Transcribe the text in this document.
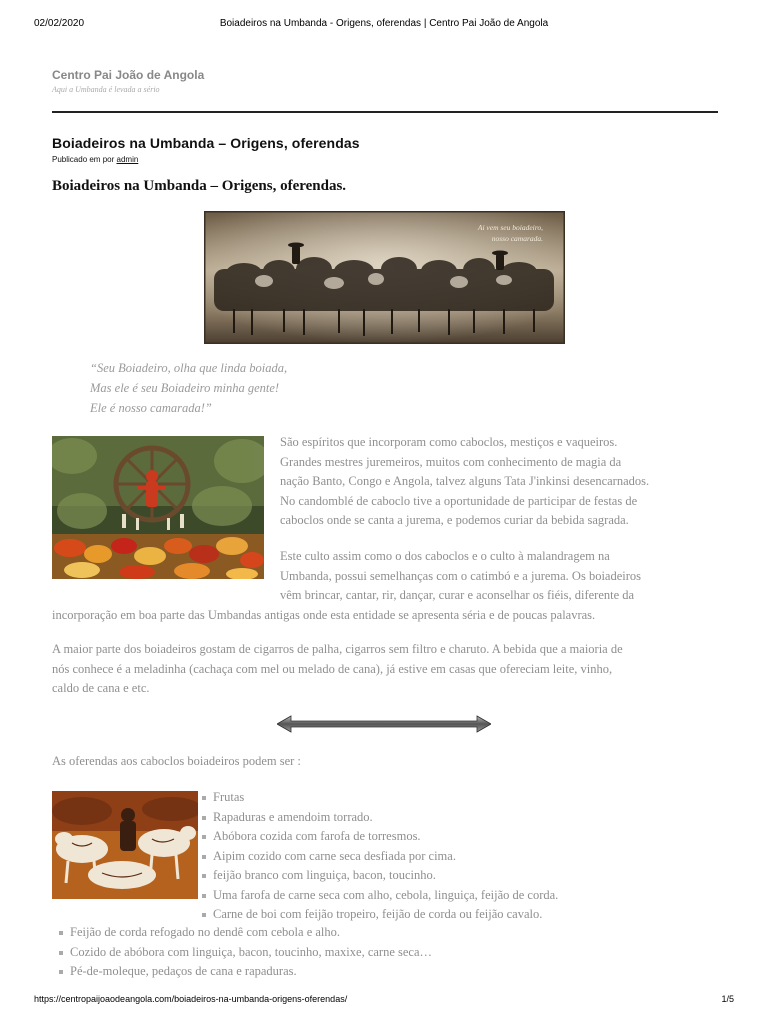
02/02/2020	Boiadeiros na Umbanda - Origens, oferendas | Centro Pai João de Angola
Centro Pai João de Angola
Aqui a Umbanda é levada a sério
Boiadeiros na Umbanda – Origens, oferendas
Publicado em por admin
Boiadeiros na Umbanda – Origens, oferendas.
Ai vem seu boiadeiro,
nosso camarada.
“Seu Boiadeiro, olha que linda boiada,
Mas ele é seu Boiadeiro minha gente!
Ele é nosso camarada!”
São espíritos que incorporam como caboclos, mestiços e vaqueiros.
Grandes mestres juremeiros, muitos com conhecimento de magia da
nação Banto, Congo e Angola, talvez alguns Tata J'inkinsi desencarnados.
No candomblé de caboclo tive a oportunidade de participar de festas de
caboclos onde se canta a jurema, e podemos curiar da bebida sagrada.
Este culto assim como o dos caboclos e o culto à malandragem na
Umbanda, possui semelhanças com o catimbó e a jurema. Os boiadeiros
vêm brincar, cantar, rir, dançar, curar e aconselhar os fiéis, diferente da
incorporação em boa parte das Umbandas antigas onde esta entidade se apresenta séria e de poucas palavras.
A maior parte dos boiadeiros gostam de cigarros de palha, cigarros sem filtro e charuto. A bebida que a maioria de
nós conhece é a meladinha (cachaça com mel ou melado de cana), já estive em casas que ofereciam leite, vinho,
caldo de cana e etc.
As oferendas aos caboclos boiadeiros podem ser :
Frutas
Rapaduras e amendoim torrado.
Abóbora cozida com farofa de torresmos.
Aipim cozido com carne seca desfiada por cima.
feijão branco com linguiça, bacon, toucinho.
Uma farofa de carne seca com alho, cebola, linguiça, feijão de corda.
Carne de boi com feijão tropeiro, feijão de corda ou feijão cavalo.
Feijão de corda refogado no dendê com cebola e alho.
Cozido de abóbora com linguiça, bacon, toucinho, maxixe, carne seca…
Pé-de-moleque, pedaços de cana e rapaduras.
https://centropaijoaodeangola.com/boiadeiros-na-umbanda-origens-oferendas/	1/5
